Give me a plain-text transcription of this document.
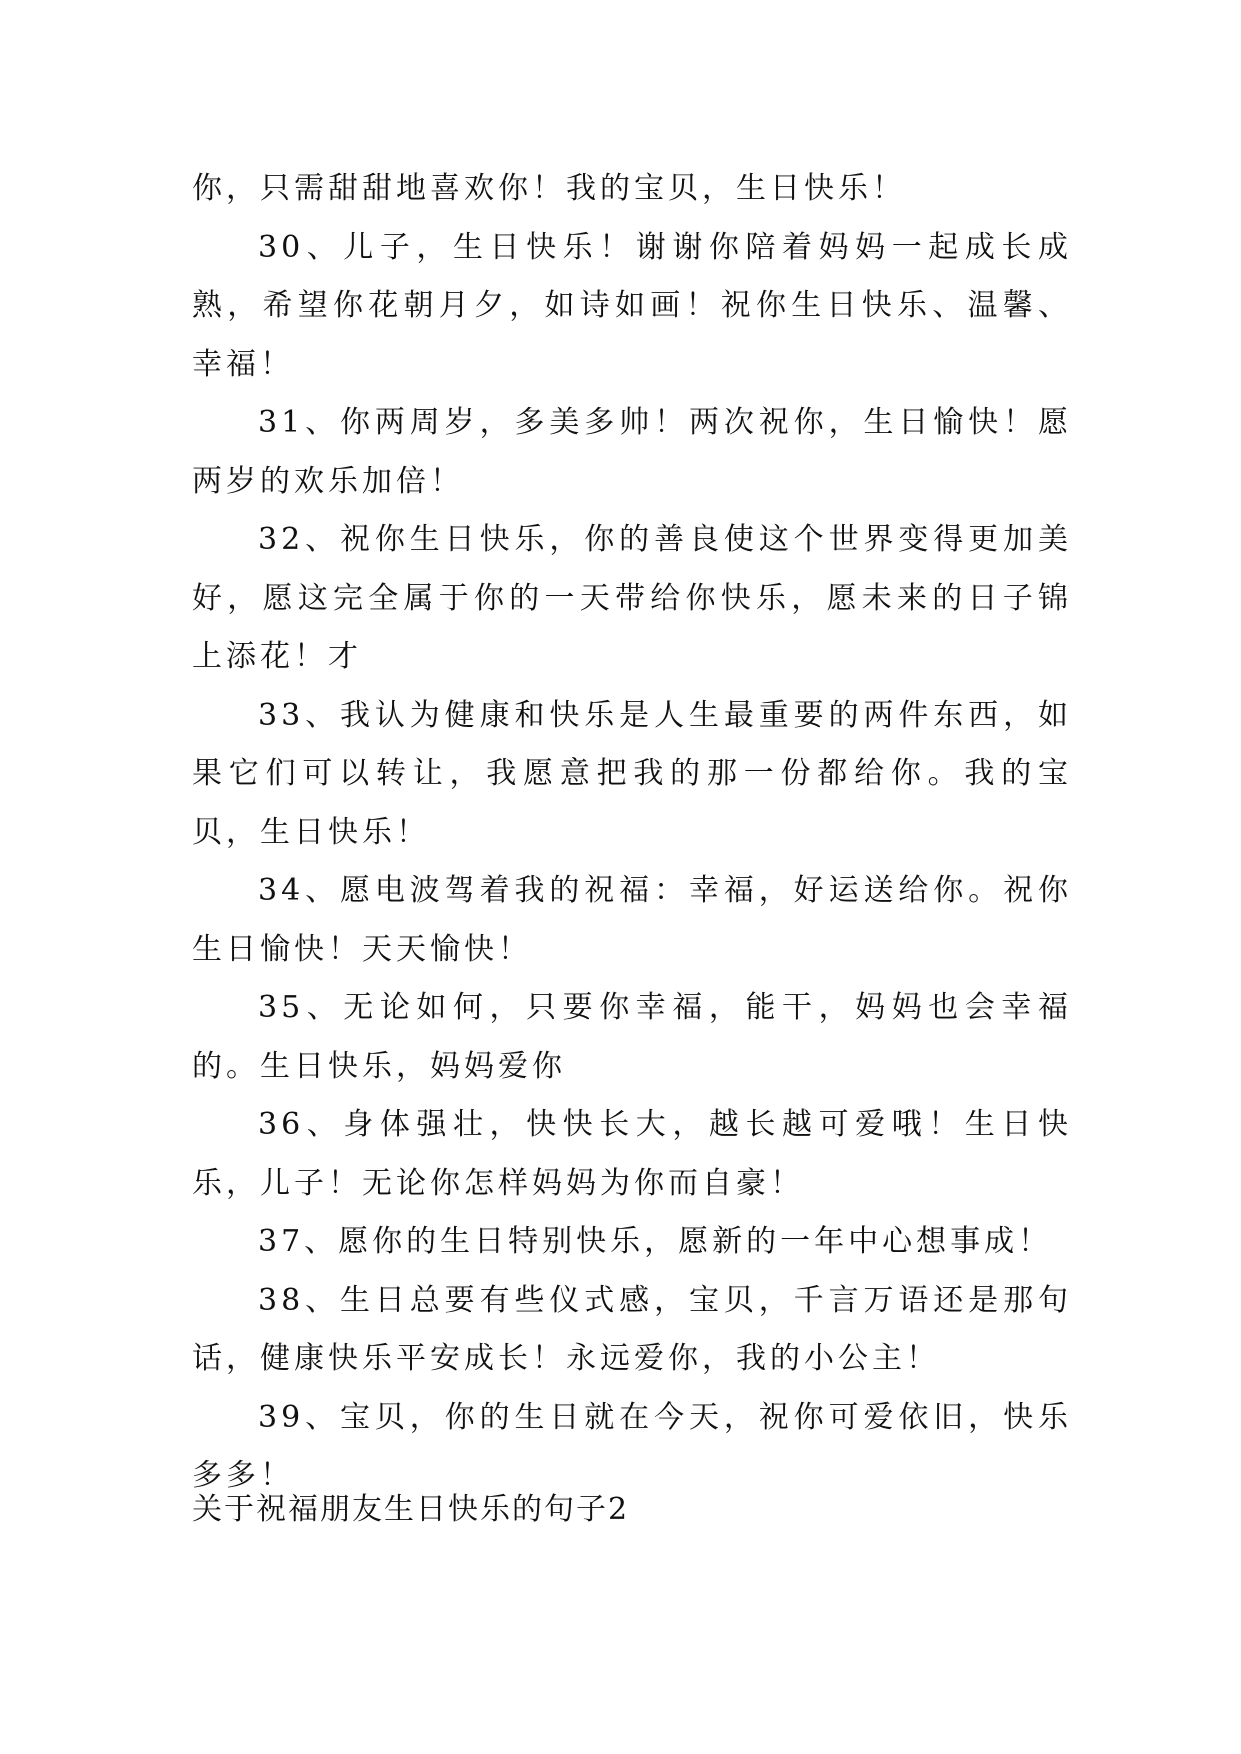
你，只需甜甜地喜欢你！我的宝贝，生日快乐！

30、儿子，生日快乐！谢谢你陪着妈妈一起成长成熟，希望你花朝月夕，如诗如画！祝你生日快乐、温馨、幸福！

31、你两周岁，多美多帅！两次祝你，生日愉快！愿两岁的欢乐加倍！

32、祝你生日快乐，你的善良使这个世界变得更加美好，愿这完全属于你的一天带给你快乐，愿未来的日子锦上添花！才

33、我认为健康和快乐是人生最重要的两件东西，如果它们可以转让，我愿意把我的那一份都给你。我的宝贝，生日快乐！

34、愿电波驾着我的祝福：幸福，好运送给你。祝你生日愉快！天天愉快！

35、无论如何，只要你幸福，能干，妈妈也会幸福的。生日快乐，妈妈爱你

36、身体强壮，快快长大，越长越可爱哦！生日快乐，儿子！无论你怎样妈妈为你而自豪！

37、愿你的生日特别快乐，愿新的一年中心想事成！

38、生日总要有些仪式感，宝贝，千言万语还是那句话，健康快乐平安成长！永远爱你，我的小公主！

39、宝贝，你的生日就在今天，祝你可爱依旧，快乐多多！

关于祝福朋友生日快乐的句子2
